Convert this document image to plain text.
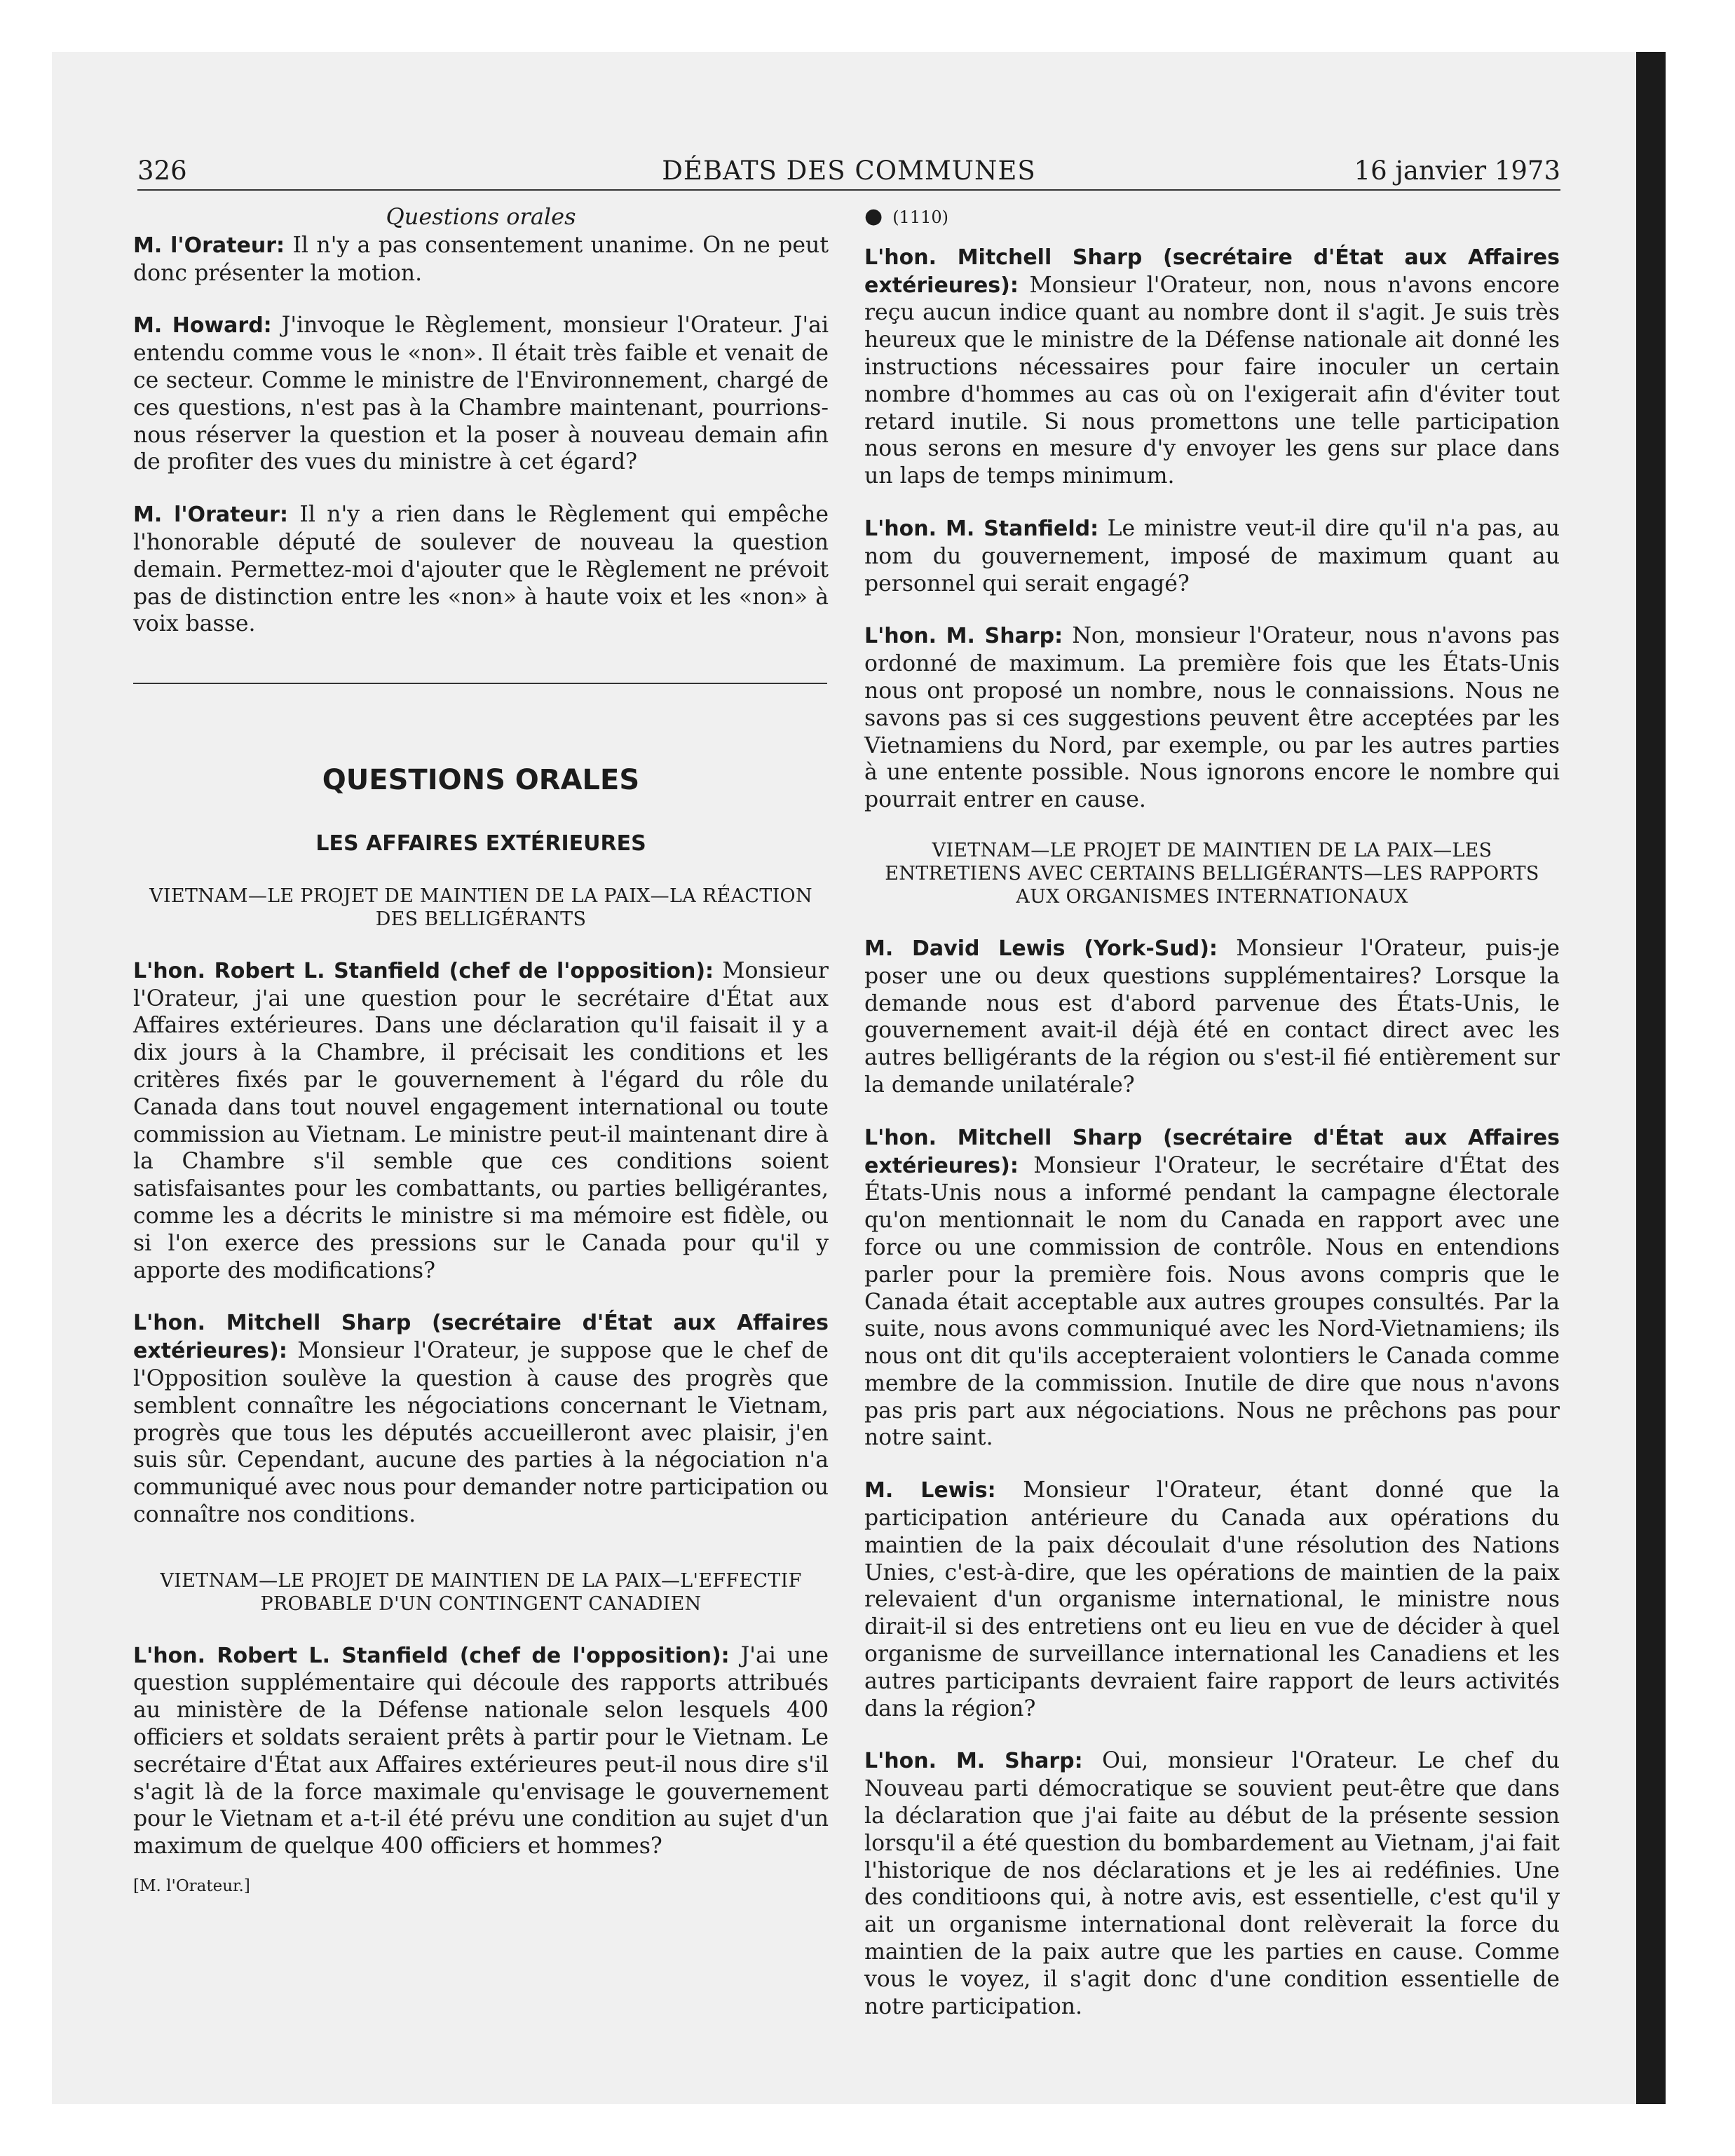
326	DÉBATS DES COMMUNES	16 janvier 1973
Questions orales

M. l'Orateur: Il n'y a pas consentement unanime. On ne peut donc présenter la motion.

M. Howard: J'invoque le Règlement, monsieur l'Orateur. J'ai entendu comme vous le «non». Il était très faible et venait de ce secteur. Comme le ministre de l'Environnement, chargé de ces questions, n'est pas à la Chambre maintenant, pourrions-nous réserver la question et la poser à nouveau demain afin de profiter des vues du ministre à cet égard?

M. l'Orateur: Il n'y a rien dans le Règlement qui empêche l'honorable député de soulever de nouveau la question demain. Permettez-moi d'ajouter que le Règlement ne prévoit pas de distinction entre les «non» à haute voix et les «non» à voix basse.

QUESTIONS ORALES
LES AFFAIRES EXTÉRIEURES
VIETNAM—LE PROJET DE MAINTIEN DE LA PAIX—LA RÉACTION DES BELLIGÉRANTS

L'hon. Robert L. Stanfield (chef de l'opposition): Monsieur l'Orateur, j'ai une question pour le secrétaire d'État aux Affaires extérieures. Dans une déclaration qu'il faisait il y a dix jours à la Chambre, il précisait les conditions et les critères fixés par le gouvernement à l'égard du rôle du Canada dans tout nouvel engagement international ou toute commission au Vietnam. Le ministre peut-il maintenant dire à la Chambre s'il semble que ces conditions soient satisfaisantes pour les combattants, ou parties belligérantes, comme les a décrits le ministre si ma mémoire est fidèle, ou si l'on exerce des pressions sur le Canada pour qu'il y apporte des modifications?

L'hon. Mitchell Sharp (secrétaire d'État aux Affaires extérieures): Monsieur l'Orateur, je suppose que le chef de l'Opposition soulève la question à cause des progrès que semblent connaître les négociations concernant le Vietnam, progrès que tous les députés accueilleront avec plaisir, j'en suis sûr. Cependant, aucune des parties à la négociation n'a communiqué avec nous pour demander notre participation ou connaître nos conditions.

VIETNAM—LE PROJET DE MAINTIEN DE LA PAIX—L'EFFECTIF PROBABLE D'UN CONTINGENT CANADIEN

L'hon. Robert L. Stanfield (chef de l'opposition): J'ai une question supplémentaire qui découle des rapports attribués au ministère de la Défense nationale selon lesquels 400 officiers et soldats seraient prêts à partir pour le Vietnam. Le secrétaire d'État aux Affaires extérieures peut-il nous dire s'il s'agit là de la force maximale qu'envisage le gouvernement pour le Vietnam et a-t-il été prévu une condition au sujet d'un maximum de quelque 400 officiers et hommes?

[M. l'Orateur.]
● (1110)

L'hon. Mitchell Sharp (secrétaire d'État aux Affaires extérieures): Monsieur l'Orateur, non, nous n'avons encore reçu aucun indice quant au nombre dont il s'agit. Je suis très heureux que le ministre de la Défense nationale ait donné les instructions nécessaires pour faire inoculer un certain nombre d'hommes au cas où on l'exigerait afin d'éviter tout retard inutile. Si nous promettons une telle participation nous serons en mesure d'y envoyer les gens sur place dans un laps de temps minimum.

L'hon. M. Stanfield: Le ministre veut-il dire qu'il n'a pas, au nom du gouvernement, imposé de maximum quant au personnel qui serait engagé?

L'hon. M. Sharp: Non, monsieur l'Orateur, nous n'avons pas ordonné de maximum. La première fois que les États-Unis nous ont proposé un nombre, nous le connaissions. Nous ne savons pas si ces suggestions peuvent être acceptées par les Vietnamiens du Nord, par exemple, ou par les autres parties à une entente possible. Nous ignorons encore le nombre qui pourrait entrer en cause.

VIETNAM—LE PROJET DE MAINTIEN DE LA PAIX—LES ENTRETIENS AVEC CERTAINS BELLIGÉRANTS—LES RAPPORTS AUX ORGANISMES INTERNATIONAUX

M. David Lewis (York-Sud): Monsieur l'Orateur, puis-je poser une ou deux questions supplémentaires? Lorsque la demande nous est d'abord parvenue des États-Unis, le gouvernement avait-il déjà été en contact direct avec les autres belligérants de la région ou s'est-il fié entièrement sur la demande unilatérale?

L'hon. Mitchell Sharp (secrétaire d'État aux Affaires extérieures): Monsieur l'Orateur, le secrétaire d'État des États-Unis nous a informé pendant la campagne électorale qu'on mentionnait le nom du Canada en rapport avec une force ou une commission de contrôle. Nous en entendions parler pour la première fois. Nous avons compris que le Canada était acceptable aux autres groupes consultés. Par la suite, nous avons communiqué avec les Nord-Vietnamiens; ils nous ont dit qu'ils accepteraient volontiers le Canada comme membre de la commission. Inutile de dire que nous n'avons pas pris part aux négociations. Nous ne prêchons pas pour notre saint.

M. Lewis: Monsieur l'Orateur, étant donné que la participation antérieure du Canada aux opérations du maintien de la paix découlait d'une résolution des Nations Unies, c'est-à-dire, que les opérations de maintien de la paix relevaient d'un organisme international, le ministre nous dirait-il si des entretiens ont eu lieu en vue de décider à quel organisme de surveillance international les Canadiens et les autres participants devraient faire rapport de leurs activités dans la région?

L'hon. M. Sharp: Oui, monsieur l'Orateur. Le chef du Nouveau parti démocratique se souvient peut-être que dans la déclaration que j'ai faite au début de la présente session lorsqu'il a été question du bombardement au Vietnam, j'ai fait l'historique de nos déclarations et je les ai redéfinies. Une des conditioons qui, à notre avis, est essentielle, c'est qu'il y ait un organisme international dont relèverait la force du maintien de la paix autre que les parties en cause. Comme vous le voyez, il s'agit donc d'une condition essentielle de notre participation.
